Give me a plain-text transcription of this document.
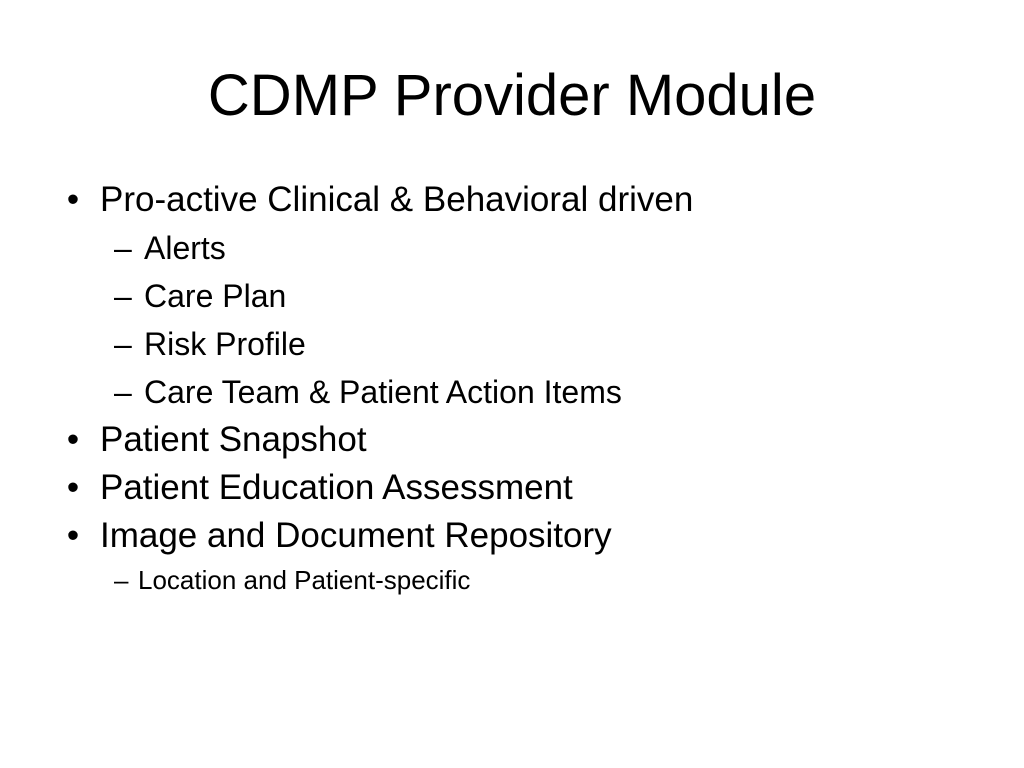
CDMP Provider Module
• Pro-active Clinical & Behavioral driven
– Alerts
– Care Plan
– Risk Profile
– Care Team & Patient Action Items
• Patient Snapshot
• Patient Education Assessment
• Image and Document Repository
– Location and Patient-specific
